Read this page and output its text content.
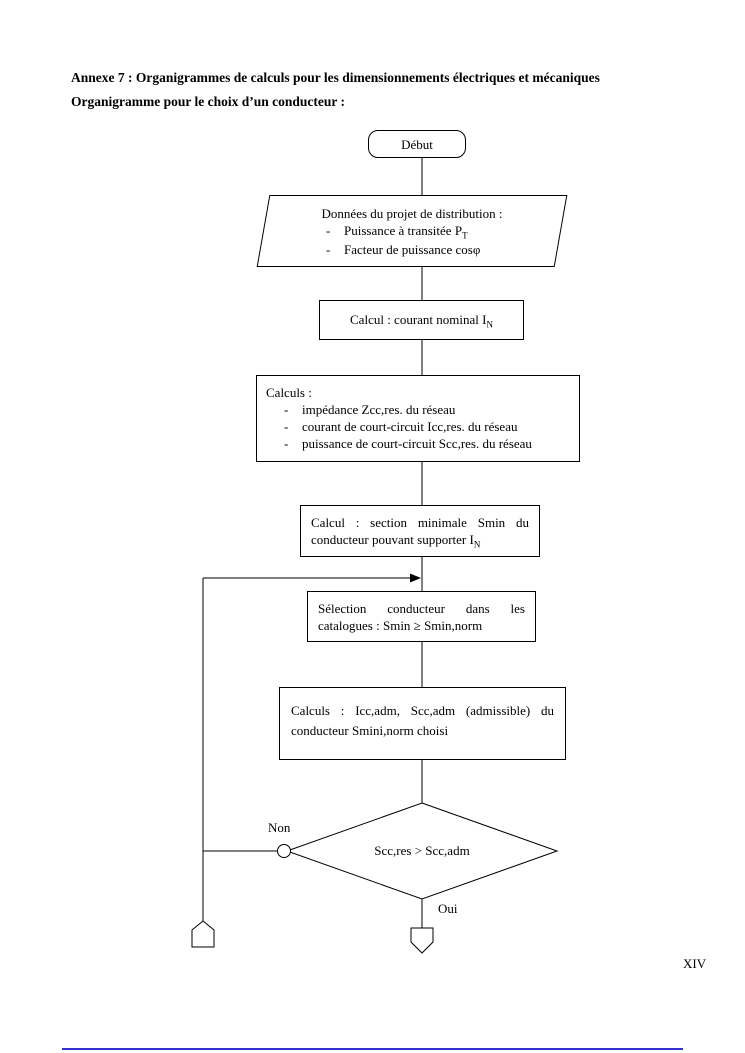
Annexe 7 : Organigrammes de calculs pour les dimensionnements électriques et mécaniques
Organigramme pour le choix d’un conducteur :
Début
Données du projet de distribution :
-	Puissance à transitée $P_T$
-	Facteur de puissance cosφ
Calcul : courant nominal $I_N$
Calculs :
-	impédance Zcc,res. du réseau
-	courant de court-circuit Icc,res. du réseau
-	puissance de court-circuit Scc,res. du réseau
Calcul : section minimale Smin du conducteur pouvant supporter $I_N$
Sélection conducteur dans les catalogues : Smin ≥ Smin,norm
Calculs : Icc,adm, Scc,adm (admissible) du conducteur Smini,norm choisi
Scc,res > Scc,adm
Non
Oui
XIV
